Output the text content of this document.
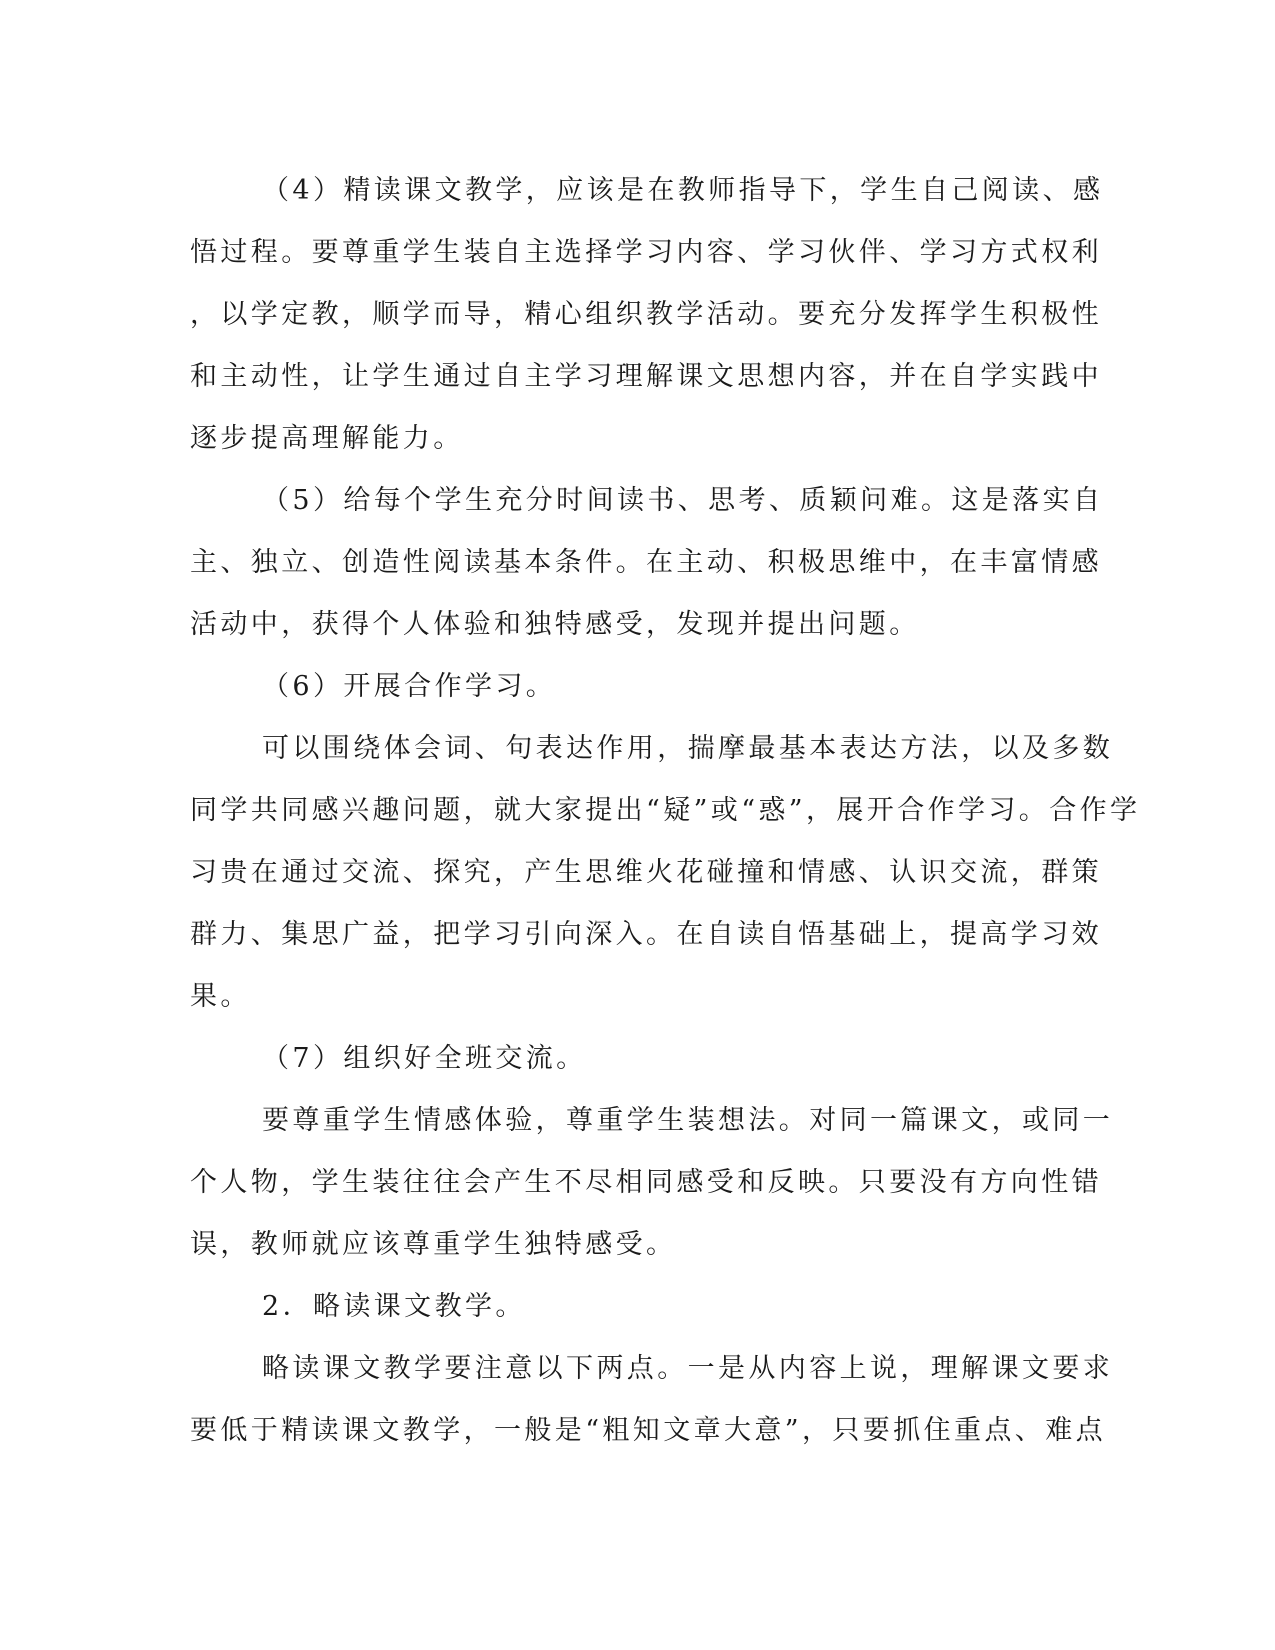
（4）精读课文教学，应该是在教师指导下，学生自己阅读、感
悟过程。要尊重学生装自主选择学习内容、学习伙伴、学习方式权利
，以学定教，顺学而导，精心组织教学活动。要充分发挥学生积极性
和主动性，让学生通过自主学习理解课文思想内容，并在自学实践中
逐步提高理解能力。
（5）给每个学生充分时间读书、思考、质颖问难。这是落实自
主、独立、创造性阅读基本条件。在主动、积极思维中，在丰富情感
活动中，获得个人体验和独特感受，发现并提出问题。
（6）开展合作学习。
可以围绕体会词、句表达作用，揣摩最基本表达方法，以及多数
同学共同感兴趣问题，就大家提出“疑”或“惑”，展开合作学习。合作学
习贵在通过交流、探究，产生思维火花碰撞和情感、认识交流，群策
群力、集思广益，把学习引向深入。在自读自悟基础上，提高学习效
果。
（7）组织好全班交流。
要尊重学生情感体验，尊重学生装想法。对同一篇课文，或同一
个人物，学生装往往会产生不尽相同感受和反映。只要没有方向性错
误，教师就应该尊重学生独特感受。
2．略读课文教学。
略读课文教学要注意以下两点。一是从内容上说，理解课文要求
要低于精读课文教学，一般是“粗知文章大意”，只要抓住重点、难点
